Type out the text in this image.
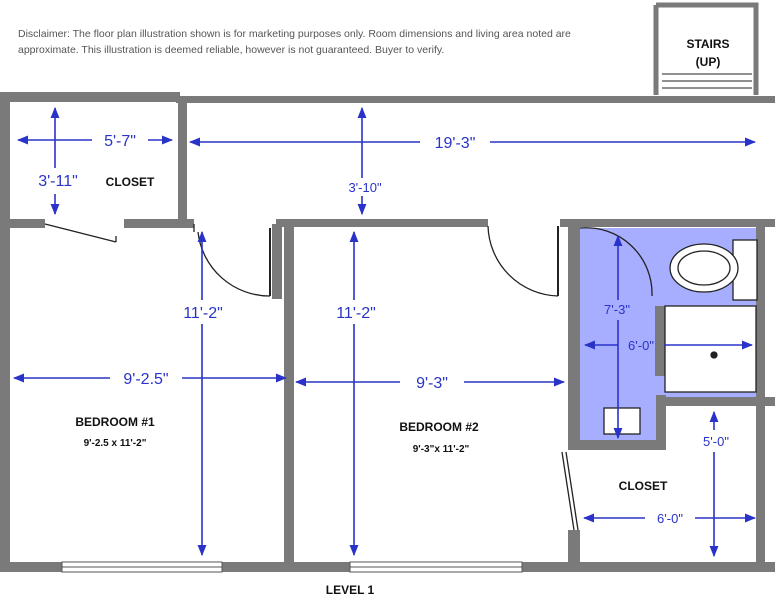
Disclaimer: The floor plan illustration shown is for marketing purposes only. Room dimensions and living area noted are approximate. This illustration is deemed reliable, however is not guaranteed. Buyer to verify.	STAIRS
(UP)
5'-7"
3'-11"
19'-3"
3'-10"
9'-2.5"
11'-2"
9'-3"
11'-2"
6'-0"
7'-3"
6'-0"
5'-0"
CLOSET
BEDROOM #1
9'-2.5 x 11'-2"
BEDROOM #2
9'-3"x 11'-2"
CLOSET
LEVEL 1
